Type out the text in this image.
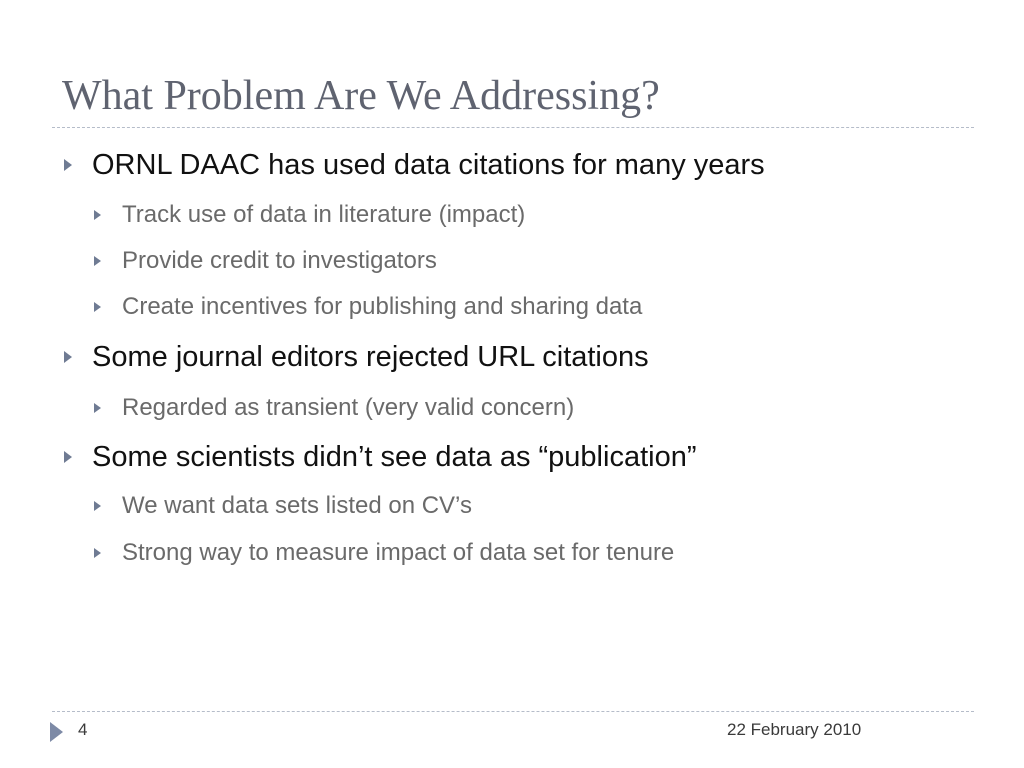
What Problem Are We Addressing?
ORNL DAAC has used data citations for many years
Track use of data in literature (impact)
Provide credit to investigators
Create incentives for publishing and sharing data
Some journal editors rejected URL citations
Regarded as transient (very valid concern)
Some scientists didn’t see data as “publication”
We want data sets listed on CV’s
Strong way to measure impact of data set for tenure
4	22 February 2010
